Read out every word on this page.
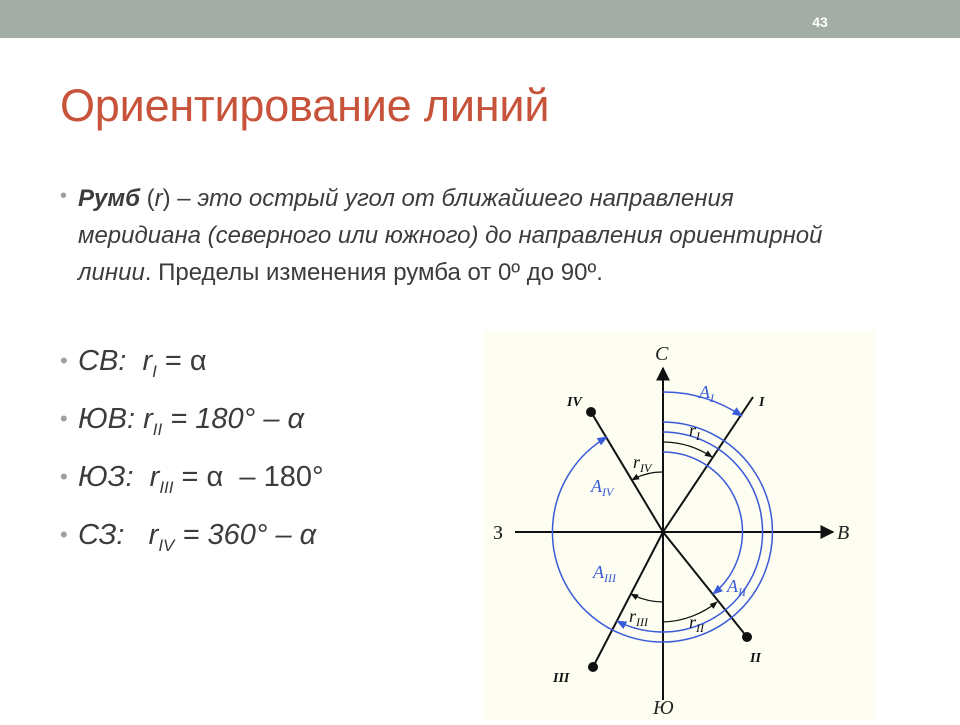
43
Ориентирование линий
• Румб (r) – это острый угол от ближайшего направления меридиана (северного или южного) до направления ориентирной линии. Пределы изменения румба от 0º до 90º.
• СВ: $r_I = \alpha$
• ЮВ: $r_{II} = 180^\circ - \alpha$
• ЮЗ: $r_{III} = \alpha - 180^\circ$
• СЗ: $r_{IV} = 360^\circ - \alpha$
С
Ю
В
З
I
II
III
IV
$A_I$
$A_{II}$
$A_{III}$
$A_{IV}$
$r_I$
$r_{II}$
$r_{III}$
$r_{IV}$
